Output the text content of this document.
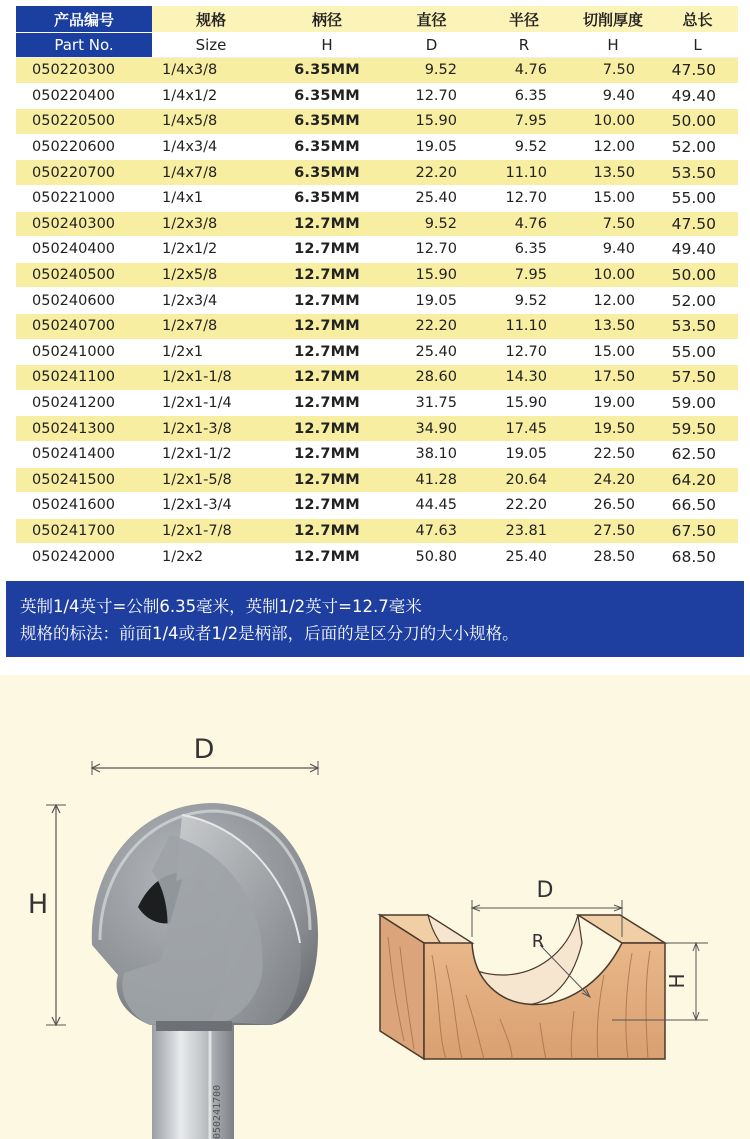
产品编号	规格	柄径	直径	半径	切削厚度	总长
Part No.	Size	H	D	R	H	L
050220300	1/4x3/8	6.35MM	9.52	4.76	7.50	47.50
050220400	1/4x1/2	6.35MM	12.70	6.35	9.40	49.40
050220500	1/4x5/8	6.35MM	15.90	7.95	10.00	50.00
050220600	1/4x3/4	6.35MM	19.05	9.52	12.00	52.00
050220700	1/4x7/8	6.35MM	22.20	11.10	13.50	53.50
050221000	1/4x1	6.35MM	25.40	12.70	15.00	55.00
050240300	1/2x3/8	12.7MM	9.52	4.76	7.50	47.50
050240400	1/2x1/2	12.7MM	12.70	6.35	9.40	49.40
050240500	1/2x5/8	12.7MM	15.90	7.95	10.00	50.00
050240600	1/2x3/4	12.7MM	19.05	9.52	12.00	52.00
050240700	1/2x7/8	12.7MM	22.20	11.10	13.50	53.50
050241000	1/2x1	12.7MM	25.40	12.70	15.00	55.00
050241100	1/2x1-1/8	12.7MM	28.60	14.30	17.50	57.50
050241200	1/2x1-1/4	12.7MM	31.75	15.90	19.00	59.00
050241300	1/2x1-3/8	12.7MM	34.90	17.45	19.50	59.50
050241400	1/2x1-1/2	12.7MM	38.10	19.05	22.50	62.50
050241500	1/2x1-5/8	12.7MM	41.28	20.64	24.20	64.20
050241600	1/2x1-3/4	12.7MM	44.45	22.20	26.50	66.50
050241700	1/2x1-7/8	12.7MM	47.63	23.81	27.50	67.50
050242000	1/2x2	12.7MM	50.80	25.40	28.50	68.50
英制1/4英寸=公制6.35毫米，英制1/2英寸=12.7毫米
规格的标法：前面1/4或者1/2是柄部，后面的是区分刀的大小规格。
D
H
050241700
D
R
H
